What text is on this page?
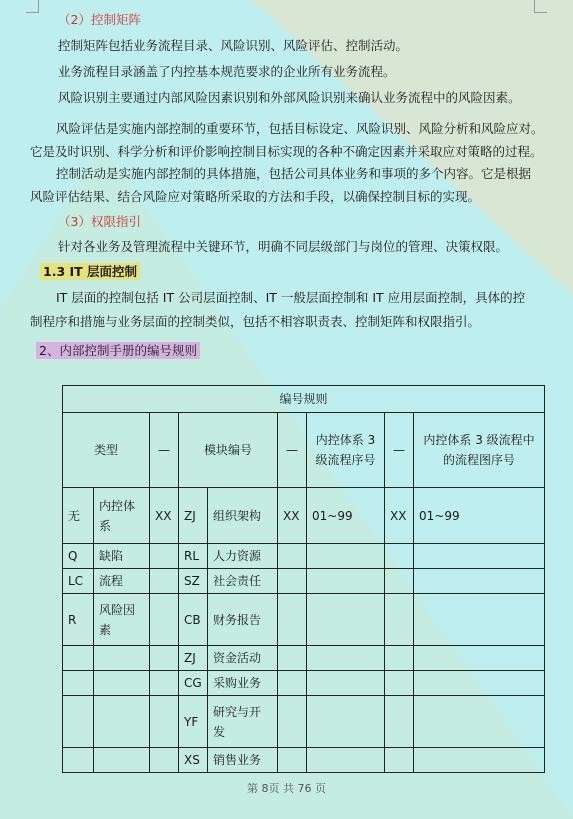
（2）控制矩阵
控制矩阵包括业务流程目录、风险识别、风险评估、控制活动。
业务流程目录涵盖了内控基本规范要求的企业所有业务流程。
风险识别主要通过内部风险因素识别和外部风险识别来确认业务流程中的风险因素。
风险评估是实施内部控制的重要环节，包括目标设定、风险识别、风险分析和风险应对。
它是及时识别、科学分析和评价影响控制目标实现的各种不确定因素并采取应对策略的过程。
控制活动是实施内部控制的具体措施，包括公司具体业务和事项的多个内容。它是根据
风险评估结果、结合风险应对策略所采取的方法和手段，以确保控制目标的实现。
（3）权限指引
针对各业务及管理流程中关键环节，明确不同层级部门与岗位的管理、决策权限。
1.3 IT 层面控制
IT 层面的控制包括 IT 公司层面控制、IT 一般层面控制和 IT 应用层面控制，具体的控
制程序和措施与业务层面的控制类似，包括不相容职责表、控制矩阵和权限指引。
2、内部控制手册的编号规则
编号规则								
类型		—	模块编号		—	内控体系 3 级流程序号	—	内控体系 3 级流程中的流程图序号
无	内控体系	XX	ZJ	组织架构	XX	01~99	XX	01~99
Q	缺陷		RL	人力资源				
LC	流程		SZ	社会责任				
R	风险因素		CB	财务报告				
			ZJ	资金活动				
			CG	采购业务				
			YF	研究与开发				
			XS	销售业务				
第 8页 共 76 页
